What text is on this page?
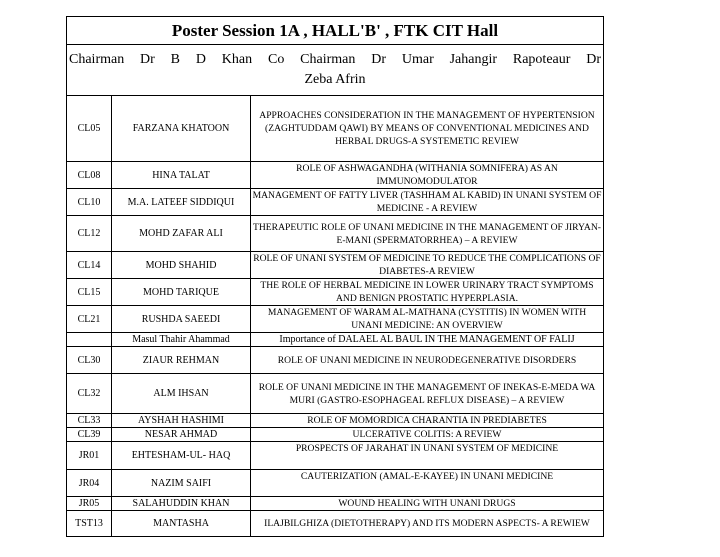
Poster Session 1A , HALL'B' , FTK CIT Hall		

Chairman Dr B D Khan Co Chairman Dr Umar Jahangir Rapoteaur Dr
Zeba Afrin		

CL05	FARZANA KHATOON	APPROACHES CONSIDERATION IN THE MANAGEMENT OF HYPERTENSION (ZAGHTUDDAM QAWI) BY MEANS OF CONVENTIONAL MEDICINES AND HERBAL DRUGS-A SYSTEMETIC REVIEW
CL08	HINA TALAT	ROLE OF ASHWAGANDHA (WITHANIA SOMNIFERA) AS AN IMMUNOMODULATOR
CL10	M.A. LATEEF SIDDIQUI	MANAGEMENT OF FATTY LIVER (TASHHAM AL KABID) IN UNANI SYSTEM OF MEDICINE - A REVIEW
CL12	MOHD ZAFAR ALI	THERAPEUTIC ROLE OF UNANI MEDICINE IN THE MANAGEMENT OF JIRYAN-E-MANI (SPERMATORRHEA) – A REVIEW
CL14	MOHD SHAHID	ROLE OF UNANI SYSTEM OF MEDICINE TO REDUCE THE COMPLICATIONS OF DIABETES-A REVIEW
CL15	MOHD TARIQUE	THE ROLE OF HERBAL MEDICINE IN LOWER URINARY TRACT SYMPTOMS AND BENIGN PROSTATIC HYPERPLASIA.
CL21	RUSHDA SAEEDI	MANAGEMENT OF WARAM AL-MATHANA (CYSTITIS) IN WOMEN WITH UNANI MEDICINE: AN OVERVIEW
	Masul Thahir Ahammad	Importance of DALAEL AL BAUL IN THE MANAGEMENT OF FALIJ
CL30	ZIAUR REHMAN	ROLE OF UNANI MEDICINE IN NEURODEGENERATIVE DISORDERS
CL32	ALM IHSAN	ROLE OF UNANI MEDICINE IN THE MANAGEMENT OF INEKAS-E-MEDA WA MURI (GASTRO-ESOPHAGEAL REFLUX DISEASE) – A REVIEW
CL33	AYSHAH HASHIMI	ROLE OF MOMORDICA CHARANTIA IN PREDIABETES
CL39	NESAR AHMAD	ULCERATIVE COLITIS: A REVIEW
JR01	EHTESHAM-UL- HAQ	PROSPECTS OF JARAHAT IN UNANI SYSTEM OF MEDICINE
JR04	NAZIM SAIFI	CAUTERIZATION (AMAL-E-KAYEE) IN UNANI MEDICINE
JR05	SALAHUDDIN KHAN	WOUND HEALING WITH UNANI DRUGS
TST13	MANTASHA	ILAJBILGHIZA (DIETOTHERAPY) AND ITS MODERN ASPECTS- A REWIEW
